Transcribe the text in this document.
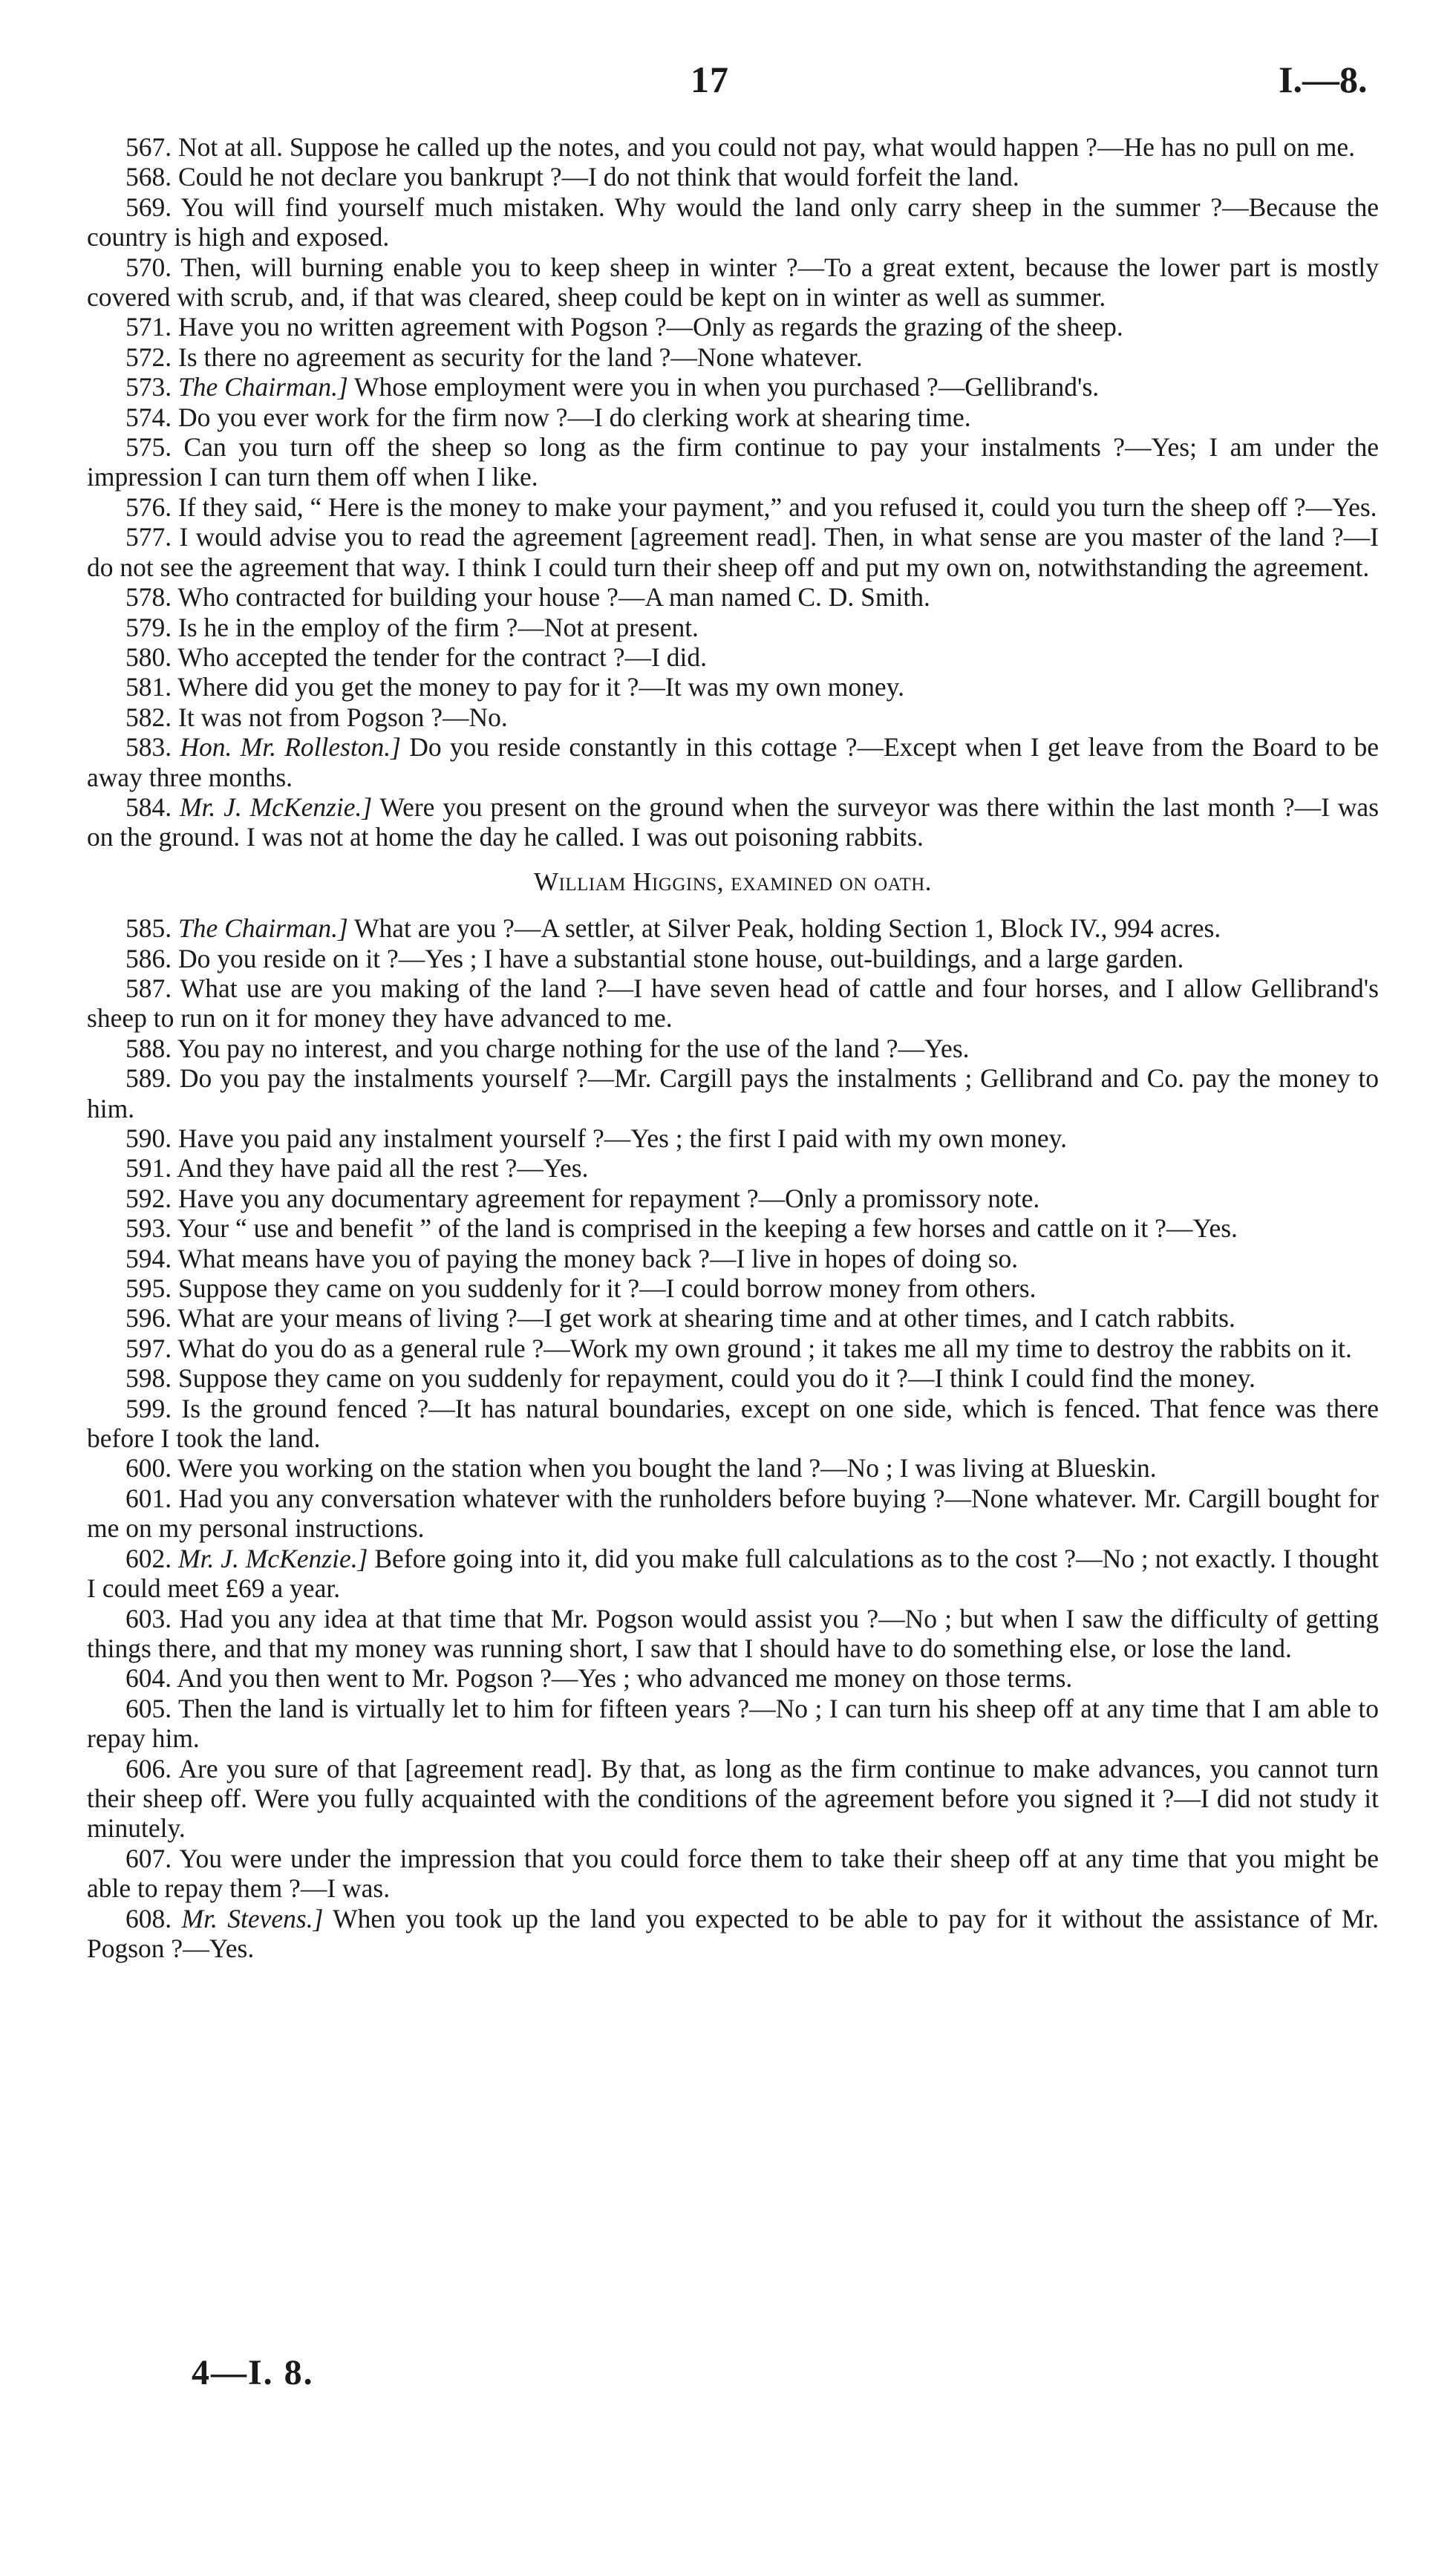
17	I.—8.

567. Not at all. Suppose he called up the notes, and you could not pay, what would happen ?—He has no pull on me.

568. Could he not declare you bankrupt ?—I do not think that would forfeit the land.

569. You will find yourself much mistaken. Why would the land only carry sheep in the summer ?—Because the country is high and exposed.

570. Then, will burning enable you to keep sheep in winter ?—To a great extent, because the lower part is mostly covered with scrub, and, if that was cleared, sheep could be kept on in winter as well as summer.

571. Have you no written agreement with Pogson ?—Only as regards the grazing of the sheep.

572. Is there no agreement as security for the land ?—None whatever.

573. The Chairman.] Whose employment were you in when you purchased ?—Gellibrand's.

574. Do you ever work for the firm now ?—I do clerking work at shearing time.

575. Can you turn off the sheep so long as the firm continue to pay your instalments ?—Yes; I am under the impression I can turn them off when I like.

576. If they said, “ Here is the money to make your payment,” and you refused it, could you turn the sheep off ?—Yes.

577. I would advise you to read the agreement [agreement read]. Then, in what sense are you master of the land ?—I do not see the agreement that way. I think I could turn their sheep off and put my own on, notwithstanding the agreement.

578. Who contracted for building your house ?—A man named C. D. Smith.

579. Is he in the employ of the firm ?—Not at present.

580. Who accepted the tender for the contract ?—I did.

581. Where did you get the money to pay for it ?—It was my own money.

582. It was not from Pogson ?—No.

583. Hon. Mr. Rolleston.] Do you reside constantly in this cottage ?—Except when I get leave from the Board to be away three months.

584. Mr. J. McKenzie.] Were you present on the ground when the surveyor was there within the last month ?—I was on the ground. I was not at home the day he called. I was out poisoning rabbits.

William Higgins, examined on oath.

585. The Chairman.] What are you ?—A settler, at Silver Peak, holding Section 1, Block IV., 994 acres.

586. Do you reside on it ?—Yes ; I have a substantial stone house, out-buildings, and a large garden.

587. What use are you making of the land ?—I have seven head of cattle and four horses, and I allow Gellibrand's sheep to run on it for money they have advanced to me.

588. You pay no interest, and you charge nothing for the use of the land ?—Yes.

589. Do you pay the instalments yourself ?—Mr. Cargill pays the instalments ; Gellibrand and Co. pay the money to him.

590. Have you paid any instalment yourself ?—Yes ; the first I paid with my own money.

591. And they have paid all the rest ?—Yes.

592. Have you any documentary agreement for repayment ?—Only a promissory note.

593. Your “ use and benefit ” of the land is comprised in the keeping a few horses and cattle on it ?—Yes.

594. What means have you of paying the money back ?—I live in hopes of doing so.

595. Suppose they came on you suddenly for it ?—I could borrow money from others.

596. What are your means of living ?—I get work at shearing time and at other times, and I catch rabbits.

597. What do you do as a general rule ?—Work my own ground ; it takes me all my time to destroy the rabbits on it.

598. Suppose they came on you suddenly for repayment, could you do it ?—I think I could find the money.

599. Is the ground fenced ?—It has natural boundaries, except on one side, which is fenced. That fence was there before I took the land.

600. Were you working on the station when you bought the land ?—No ; I was living at Blueskin.

601. Had you any conversation whatever with the runholders before buying ?—None whatever. Mr. Cargill bought for me on my personal instructions.

602. Mr. J. McKenzie.] Before going into it, did you make full calculations as to the cost ?—No ; not exactly. I thought I could meet £69 a year.

603. Had you any idea at that time that Mr. Pogson would assist you ?—No ; but when I saw the difficulty of getting things there, and that my money was running short, I saw that I should have to do something else, or lose the land.

604. And you then went to Mr. Pogson ?—Yes ; who advanced me money on those terms.

605. Then the land is virtually let to him for fifteen years ?—No ; I can turn his sheep off at any time that I am able to repay him.

606. Are you sure of that [agreement read]. By that, as long as the firm continue to make advances, you cannot turn their sheep off. Were you fully acquainted with the conditions of the agreement before you signed it ?—I did not study it minutely.

607. You were under the impression that you could force them to take their sheep off at any time that you might be able to repay them ?—I was.

608. Mr. Stevens.] When you took up the land you expected to be able to pay for it without the assistance of Mr. Pogson ?—Yes.

4—I. 8.
